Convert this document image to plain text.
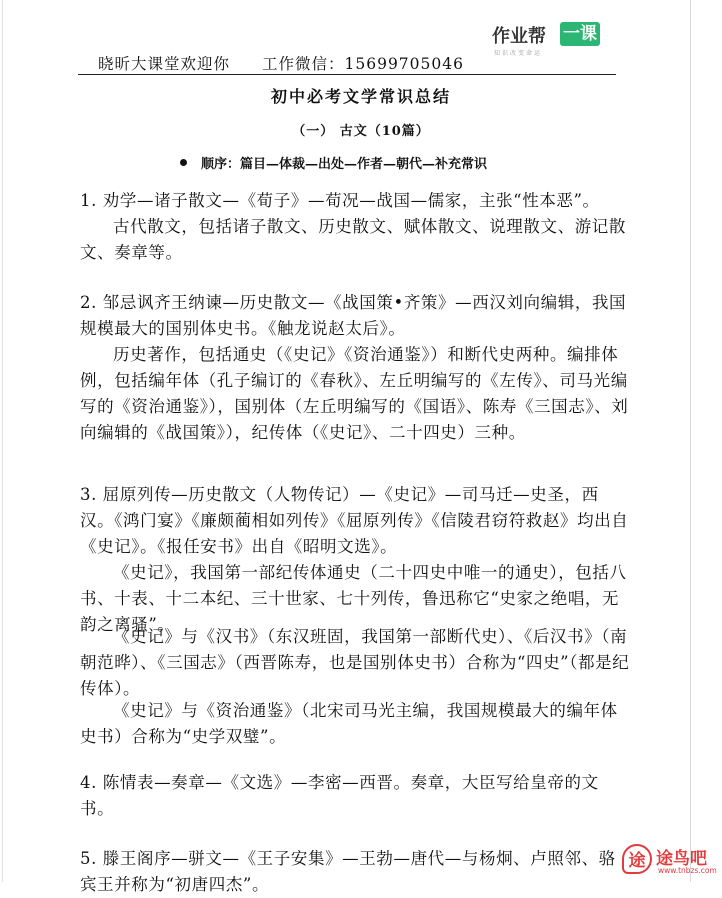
作业帮 一课
知识改变命运
晓昕大课堂欢迎你 工作微信：15699705046
初中必考文学常识总结
（一） 古文（10篇）
顺序：篇目—体裁—出处—作者—朝代—补充常识
1. 劝学—诸子散文—《荀子》—荀况—战国—儒家，主张“性本恶”。
古代散文，包括诸子散文、历史散文、赋体散文、说理散文、游记散文、奏章等。
2. 邹忌讽齐王纳谏—历史散文—《战国策•齐策》—西汉刘向编辑，我国规模最大的国别体史书。《触龙说赵太后》。
历史著作，包括通史（《史记》《资治通鉴》）和断代史两种。编排体例，包括编年体（孔子编订的《春秋》、左丘明编写的《左传》、司马光编写的《资治通鉴》），国别体（左丘明编写的《国语》、陈寿《三国志》、刘向编辑的《战国策》），纪传体（《史记》、二十四史）三种。
3. 屈原列传—历史散文（人物传记）—《史记》—司马迁—史圣，西汉。《鸿门宴》《廉颇蔺相如列传》《屈原列传》《信陵君窃符救赵》均出自《史记》。《报任安书》出自《昭明文选》。
《史记》，我国第一部纪传体通史（二十四史中唯一的通史），包括八书、十表、十二本纪、三十世家、七十列传，鲁迅称它“史家之绝唱，无韵之离骚”。
《史记》与《汉书》（东汉班固，我国第一部断代史）、《后汉书》（南朝范晔）、《三国志》（西晋陈寿，也是国别体史书）合称为“四史”（都是纪传体）。
《史记》与《资治通鉴》（北宋司马光主编，我国规模最大的编年体史书）合称为“史学双璧”。
4. 陈情表—奏章—《文选》—李密—西晋。奏章，大臣写给皇帝的文书。
5. 滕王阁序—骈文—《王子安集》—王勃—唐代—与杨炯、卢照邻、骆宾王并称为“初唐四杰”。
途 途鸟吧
www.tnbzs.com
